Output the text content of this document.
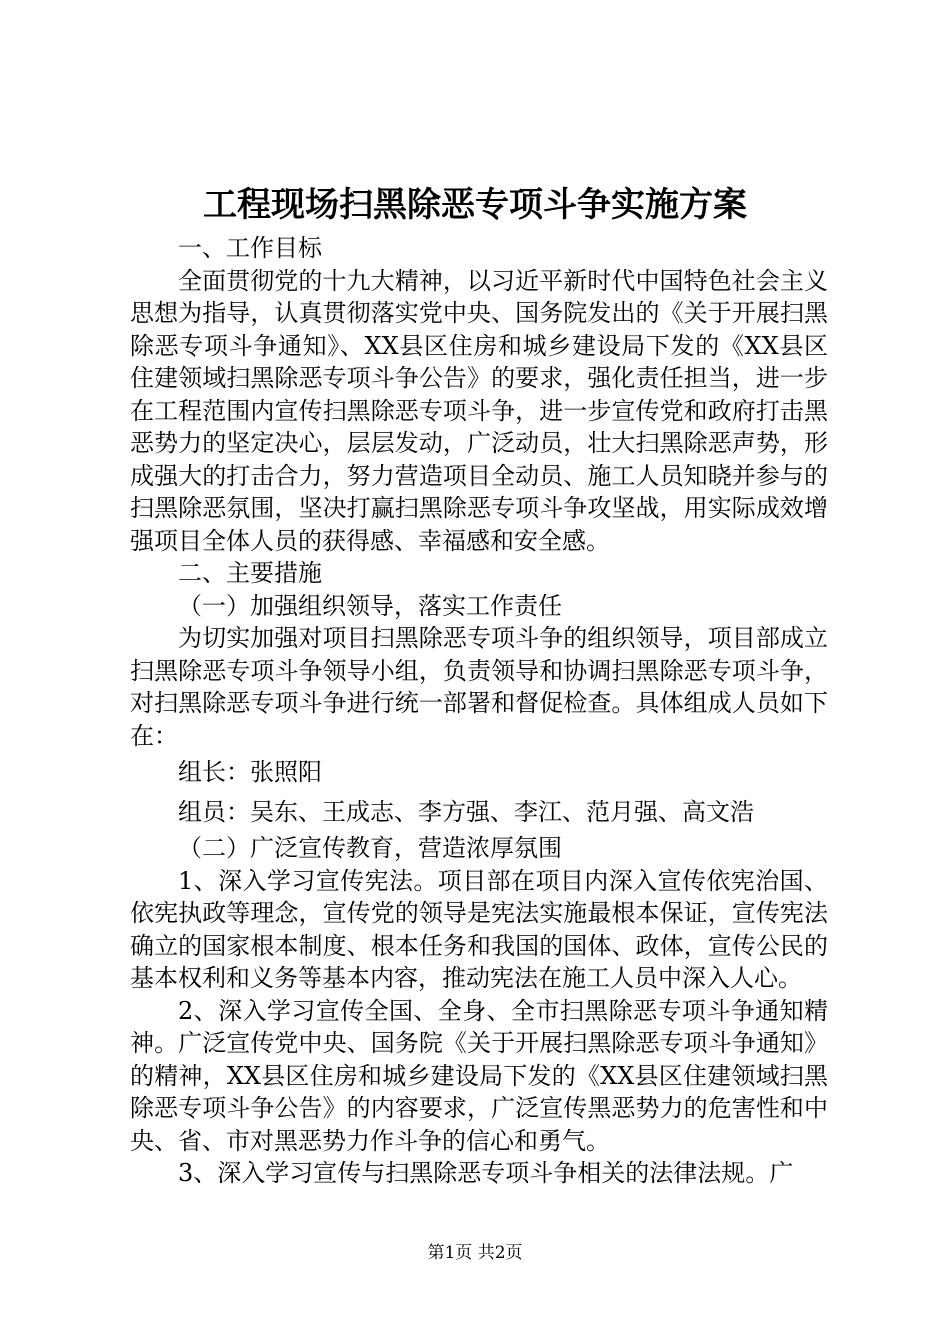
工程现场扫黑除恶专项斗争实施方案

一、工作目标

全面贯彻党的十九大精神，以习近平新时代中国特色社会主义思想为指导，认真贯彻落实党中央、国务院发出的《关于开展扫黑除恶专项斗争通知》、XX县区住房和城乡建设局下发的《XX县区住建领域扫黑除恶专项斗争公告》的要求，强化责任担当，进一步在工程范围内宣传扫黑除恶专项斗争，进一步宣传党和政府打击黑恶势力的坚定决心，层层发动，广泛动员，壮大扫黑除恶声势，形成强大的打击合力，努力营造项目全动员、施工人员知晓并参与的扫黑除恶氛围，坚决打赢扫黑除恶专项斗争攻坚战，用实际成效增强项目全体人员的获得感、幸福感和安全感。

二、主要措施

（一）加强组织领导，落实工作责任

为切实加强对项目扫黑除恶专项斗争的组织领导，项目部成立扫黑除恶专项斗争领导小组，负责领导和协调扫黑除恶专项斗争，对扫黑除恶专项斗争进行统一部署和督促检查。具体组成人员如下在：

组长：张照阳

组员：吴东、王成志、李方强、李江、范月强、高文浩

（二）广泛宣传教育，营造浓厚氛围

1、深入学习宣传宪法。项目部在项目内深入宣传依宪治国、依宪执政等理念，宣传党的领导是宪法实施最根本保证，宣传宪法确立的国家根本制度、根本任务和我国的国体、政体，宣传公民的基本权利和义务等基本内容，推动宪法在施工人员中深入人心。

2、深入学习宣传全国、全身、全市扫黑除恶专项斗争通知精神。广泛宣传党中央、国务院《关于开展扫黑除恶专项斗争通知》的精神，XX县区住房和城乡建设局下发的《XX县区住建领域扫黑除恶专项斗争公告》的内容要求，广泛宣传黑恶势力的危害性和中央、省、市对黑恶势力作斗争的信心和勇气。

3、深入学习宣传与扫黑除恶专项斗争相关的法律法规。广

第1页 共2页
